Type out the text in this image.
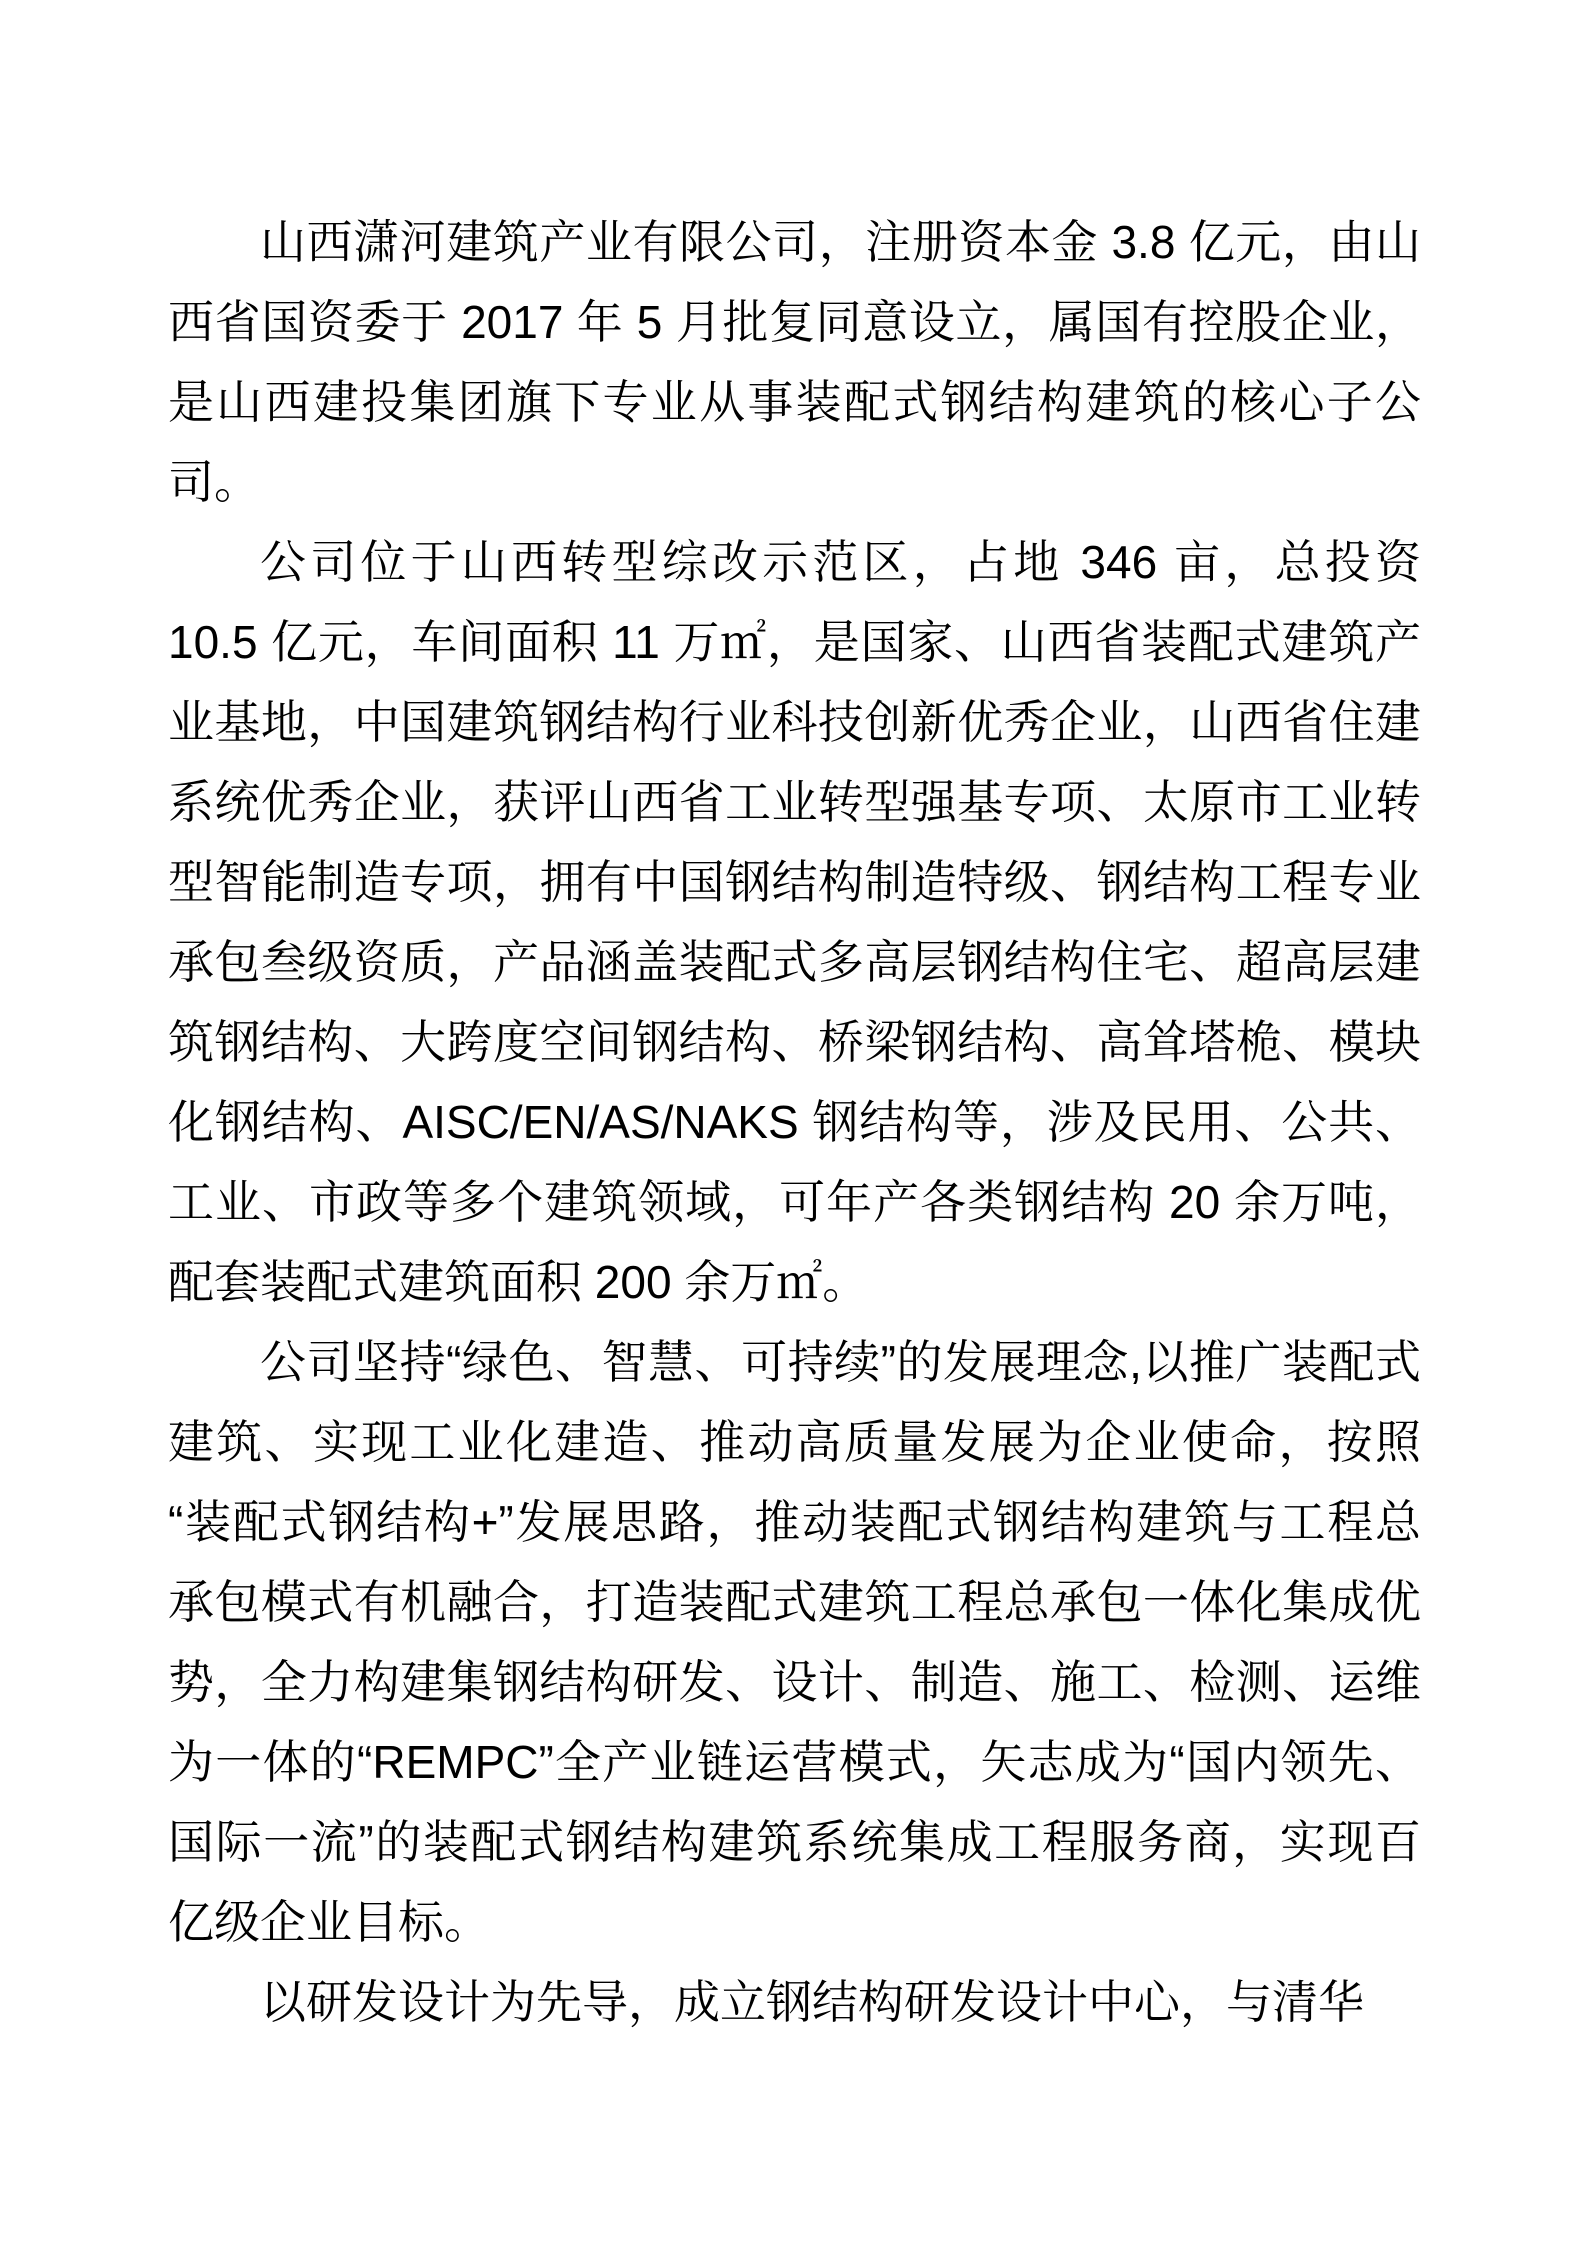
山西潇河建筑产业有限公司，注册资本金 3.8 亿元，由山西省国资委于 2017 年 5 月批复同意设立，属国有控股企业，是山西建投集团旗下专业从事装配式钢结构建筑的核心子公司。

公司位于山西转型综改示范区，占地 346 亩，总投资 10.5 亿元，车间面积 11 万㎡，是国家、山西省装配式建筑产业基地，中国建筑钢结构行业科技创新优秀企业，山西省住建系统优秀企业，获评山西省工业转型强基专项、太原市工业转型智能制造专项，拥有中国钢结构制造特级、钢结构工程专业承包叁级资质，产品涵盖装配式多高层钢结构住宅、超高层建筑钢结构、大跨度空间钢结构、桥梁钢结构、高耸塔桅、模块化钢结构、AISC/EN/AS/NAKS 钢结构等，涉及民用、公共、工业、市政等多个建筑领域，可年产各类钢结构 20 余万吨，配套装配式建筑面积 200 余万㎡。

公司坚持“绿色、智慧、可持续”的发展理念,以推广装配式建筑、实现工业化建造、推动高质量发展为企业使命，按照“装配式钢结构+”发展思路，推动装配式钢结构建筑与工程总承包模式有机融合，打造装配式建筑工程总承包一体化集成优势，全力构建集钢结构研发、设计、制造、施工、检测、运维为一体的“REMPC”全产业链运营模式，矢志成为“国内领先、国际一流”的装配式钢结构建筑系统集成工程服务商，实现百亿级企业目标。

以研发设计为先导，成立钢结构研发设计中心，与清华
